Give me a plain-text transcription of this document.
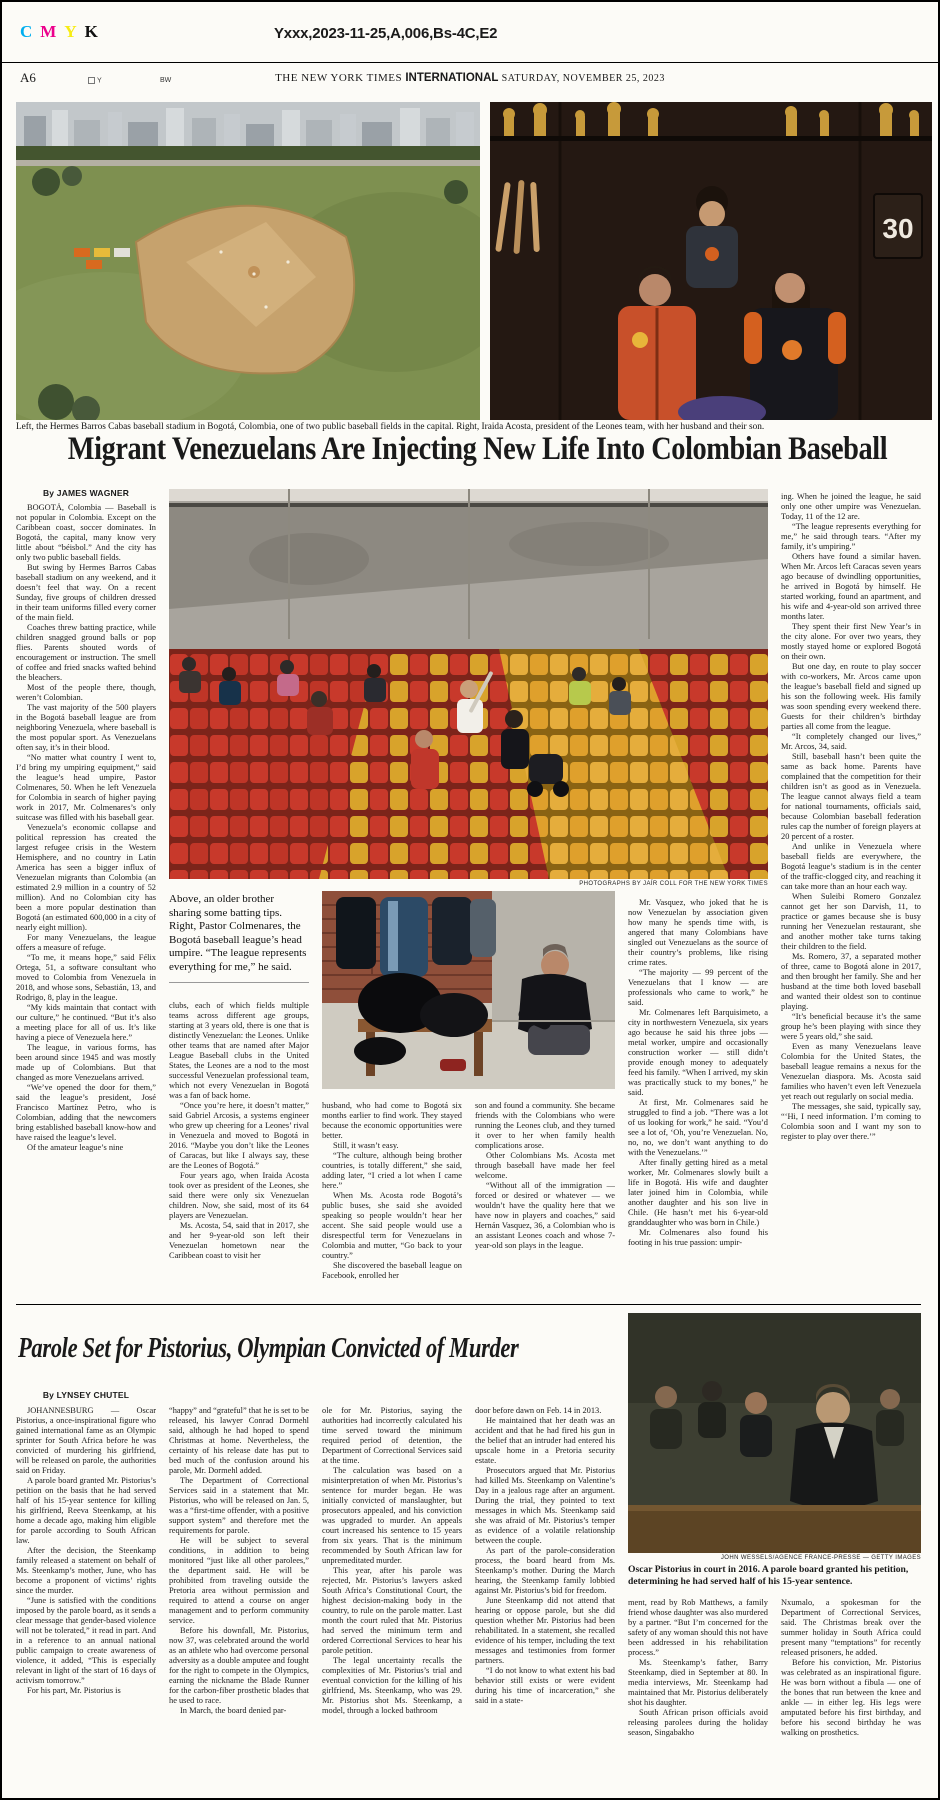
C M Y K	Yxxx,2023-11-25,A,006,Bs-4C,E2
A6	Y	BW	THE NEW YORK TIMES INTERNATIONAL SATURDAY, NOVEMBER 25, 2023
30
Left, the Hermes Barros Cabas baseball stadium in Bogotá, Colombia, one of two public baseball fields in the capital. Right, Iraida Acosta, president of the Leones team, with her husband and their son.
Migrant Venezuelans Are Injecting New Life Into Colombian Baseball
By JAMES WAGNER
PHOTOGRAPHS BY JAÍR COLL FOR THE NEW YORK TIMES

BOGOTÁ, Colombia — Baseball is not popular in Colombia. Except on the Caribbean coast, soccer dominates. In Bogotá, the capital, many know very little about “béisbol.” And the city has only two public baseball fields.

But swing by Hermes Barros Cabas baseball stadium on any weekend, and it doesn’t feel that way. On a recent Sunday, five groups of children dressed in their team uniforms filled every corner of the main field.

Coaches threw batting practice, while children snagged ground balls or pop flies. Parents shouted words of encouragement or instruction. The smell of coffee and fried snacks wafted behind the bleachers.

Most of the people there, though, weren’t Colombian.

The vast majority of the 500 players in the Bogotá baseball league are from neighboring Venezuela, where baseball is the most popular sport. As Venezuelans often say, it’s in their blood.

“No matter what country I went to, I’d bring my umpiring equipment,” said the league’s head umpire, Pastor Colmenares, 50. When he left Venezuela for Colombia in search of higher paying work in 2017, Mr. Colmenares’s only suitcase was filled with his baseball gear.

Venezuela’s economic collapse and political repression has created the largest refugee crisis in the Western Hemisphere, and no country in Latin America has seen a bigger influx of Venezuelan migrants than Colombia (an estimated 2.9 million in a country of 52 million). And no Colombian city has been a more popular destination than Bogotá (an estimated 600,000 in a city of nearly eight million).

For many Venezuelans, the league offers a measure of refuge.

“To me, it means hope,” said Félix Ortega, 51, a software consultant who moved to Colombia from Venezuela in 2018, and whose sons, Sebastián, 13, and Rodrigo, 8, play in the league.

“My kids maintain that contact with our culture,” he continued. “But it’s also a meeting place for all of us. It’s like having a piece of Venezuela here.”

The league, in various forms, has been around since 1945 and was mostly made up of Colombians. But that changed as more Venezuelans arrived.

“We’ve opened the door for them,” said the league’s president, José Francisco Martínez Petro, who is Colombian, adding that the newcomers bring established baseball know-how and have raised the league’s level.

Of the amateur league’s nine

ing. When he joined the league, he said only one other umpire was Venezuelan. Today, 11 of the 12 are.

“The league represents everything for me,” he said through tears. “After my family, it’s umpiring.”

Others have found a similar haven. When Mr. Arcos left Caracas seven years ago because of dwindling opportunities, he arrived in Bogotá by himself. He started working, found an apartment, and his wife and 4-year-old son arrived three months later.

They spent their first New Year’s in the city alone. For over two years, they mostly stayed home or explored Bogotá on their own.

But one day, en route to play soccer with co-workers, Mr. Arcos came upon the league’s baseball field and signed up his son the following week. His family was soon spending every weekend there. Guests for their children’s birthday parties all come from the league.

“It completely changed our lives,” Mr. Arcos, 34, said.

Still, baseball hasn’t been quite the same as back home. Parents have complained that the competition for their children isn’t as good as in Venezuela. The league cannot always field a team for national tournaments, officials said, because Colombian baseball federation rules cap the number of foreign players at 20 percent of a roster.

And unlike in Venezuela where baseball fields are everywhere, the Bogotá league’s stadium is in the center of the traffic-clogged city, and reaching it can take more than an hour each way.

When Suleibi Romero Gonzalez cannot get her son Darvish, 11, to practice or games because she is busy running her Venezuelan restaurant, she and another mother take turns taking their children to the field.

Ms. Romero, 37, a separated mother of three, came to Bogotá alone in 2017, and then brought her family. She and her husband at the time both loved baseball and wanted their oldest son to continue playing.

“It’s beneficial because it’s the same group he’s been playing with since they were 5 years old,” she said.

Even as many Venezuelans leave Colombia for the United States, the baseball league remains a nexus for the Venezuelan diaspora. Ms. Acosta said families who haven’t even left Venezuela yet reach out regularly on social media.

The messages, she said, typically say, “‘Hi, I need information. I’m coming to Colombia soon and I want my son to register to play over there.’”

Above, an older brother sharing some batting tips. Right, Pastor Colmenares, the Bogotá baseball league’s head umpire. “The league represents everything for me,” he said.

clubs, each of which fields multiple teams across different age groups, starting at 3 years old, there is one that is distinctly Venezuelan: the Leones. Unlike other teams that are named after Major League Baseball clubs in the United States, the Leones are a nod to the most successful Venezuelan professional team, which not every Venezuelan in Bogotá was a fan of back home.

“Once you’re here, it doesn’t matter,” said Gabriel Arcosis, a systems engineer who grew up cheering for a Leones’ rival in Venezuela and moved to Bogotá in 2016. “Maybe you don’t like the Leones of Caracas, but like I always say, these are the Leones of Bogotá.”

Four years ago, when Iraida Acosta took over as president of the Leones, she said there were only six Venezuelan children. Now, she said, most of its 64 players are Venezuelan.

Ms. Acosta, 54, said that in 2017, she and her 9-year-old son left their Venezuelan hometown near the Caribbean coast to visit her

husband, who had come to Bogotá six months earlier to find work. They stayed because the economic opportunities were better.

Still, it wasn’t easy.

“The culture, although being brother countries, is totally different,” she said, adding later, “I cried a lot when I came here.”

When Ms. Acosta rode Bogotá’s public buses, she said she avoided speaking so people wouldn’t hear her accent. She said people would use a disrespectful term for Venezuelans in Colombia and mutter, “Go back to your country.”

She discovered the baseball league on Facebook, enrolled her

son and found a community. She became friends with the Colombians who were running the Leones club, and they turned it over to her when family health complications arose.

Other Colombians Ms. Acosta met through baseball have made her feel welcome.

“Without all of the immigration — forced or desired or whatever — we wouldn’t have the quality here that we have now in players and coaches,” said Hernán Vasquez, 36, a Colombian who is an assistant Leones coach and whose 7-year-old son plays in the league.

Mr. Vasquez, who joked that he is now Venezuelan by association given how many he spends time with, is angered that many Colombians have singled out Venezuelans as the source of their country’s problems, like rising crime rates.

“The majority — 99 percent of the Venezuelans that I know — are professionals who came to work,” he said.

Mr. Colmenares left Barquisimeto, a city in northwestern Venezuela, six years ago because he said his three jobs — metal worker, umpire and occasionally construction worker — still didn’t provide enough money to adequately feed his family. “When I arrived, my skin was practically stuck to my bones,” he said.

At first, Mr. Colmenares said he struggled to find a job. “There was a lot of us looking for work,” he said. “You’d see a lot of, ‘Oh, you’re Venezuelan. No, no, no, we don’t want anything to do with the Venezuelans.’”

After finally getting hired as a metal worker, Mr. Colmenares slowly built a life in Bogotá. His wife and daughter later joined him in Colombia, while another daughter and his son live in Chile. (He hasn’t met his 6-year-old granddaughter who was born in Chile.)

Mr. Colmenares also found his footing in his true passion: umpir-

Parole Set for Pistorius, Olympian Convicted of Murder
By LYNSEY CHUTEL
JOHN WESSELS/AGENCE FRANCE-PRESSE — GETTY IMAGES
Oscar Pistorius in court in 2016. A parole board granted his petition, determining he had served half of his 15-year sentence.

JOHANNESBURG — Oscar Pistorius, a once-inspirational figure who gained international fame as an Olympic sprinter for South Africa before he was convicted of murdering his girlfriend, will be released on parole, the authorities said on Friday.

A parole board granted Mr. Pistorius’s petition on the basis that he had served half of his 15-year sentence for killing his girlfriend, Reeva Steenkamp, at his home a decade ago, making him eligible for parole according to South African law.

After the decision, the Steenkamp family released a statement on behalf of Ms. Steenkamp’s mother, June, who has become a proponent of victims’ rights since the murder.

“June is satisfied with the conditions imposed by the parole board, as it sends a clear message that gender-based violence will not be tolerated,” it read in part. And in a reference to an annual national public campaign to create awareness of violence, it added, “This is especially relevant in light of the start of 16 days of activism tomorrow.”

For his part, Mr. Pistorius is

“happy” and “grateful” that he is set to be released, his lawyer Conrad Dormehl said, although he had hoped to spend Christmas at home. Nevertheless, the certainty of his release date has put to bed much of the confusion around his parole, Mr. Dormehl added.

The Department of Correctional Services said in a statement that Mr. Pistorius, who will be released on Jan. 5, was a “first-time offender, with a positive support system” and therefore met the requirements for parole.

He will be subject to several conditions, in addition to being monitored “just like all other parolees,” the department said. He will be prohibited from traveling outside the Pretoria area without permission and required to attend a course on anger management and to perform community service.

Before his downfall, Mr. Pistorius, now 37, was celebrated around the world as an athlete who had overcome personal adversity as a double amputee and fought for the right to compete in the Olympics, earning the nickname the Blade Runner for the carbon-fiber prosthetic blades that he used to race.

In March, the board denied par-

ole for Mr. Pistorius, saying the authorities had incorrectly calculated his time served toward the minimum required period of detention, the Department of Correctional Services said at the time.

The calculation was based on a misinterpretation of when Mr. Pistorius’s sentence for murder began. He was initially convicted of manslaughter, but prosecutors appealed, and his conviction was upgraded to murder. An appeals court increased his sentence to 15 years from six years. That is the minimum recommended by South African law for unpremeditated murder.

This year, after his parole was rejected, Mr. Pistorius’s lawyers asked South Africa’s Constitutional Court, the highest decision-making body in the country, to rule on the parole matter. Last month the court ruled that Mr. Pistorius had served the minimum term and ordered Correctional Services to hear his parole petition.

The legal uncertainty recalls the complexities of Mr. Pistorius’s trial and eventual conviction for the killing of his girlfriend, Ms. Steenkamp, who was 29. Mr. Pistorius shot Ms. Steenkamp, a model, through a locked bathroom

door before dawn on Feb. 14 in 2013.

He maintained that her death was an accident and that he had fired his gun in the belief that an intruder had entered his upscale home in a Pretoria security estate.

Prosecutors argued that Mr. Pistorius had killed Ms. Steenkamp on Valentine’s Day in a jealous rage after an argument. During the trial, they pointed to text messages in which Ms. Steenkamp said she was afraid of Mr. Pistorius’s temper as evidence of a volatile relationship between the couple.

As part of the parole-consideration process, the board heard from Ms. Steenkamp’s mother. During the March hearing, the Steenkamp family lobbied against Mr. Pistorius’s bid for freedom.

June Steenkamp did not attend that hearing or oppose parole, but she did question whether Mr. Pistorius had been rehabilitated. In a statement, she recalled evidence of his temper, including the text messages and testimonies from former partners.

“I do not know to what extent his bad behavior still exists or were evident during his time of incarceration,” she said in a state-

ment, read by Rob Matthews, a family friend whose daughter was also murdered by a partner. “But I’m concerned for the safety of any woman should this not have been addressed in his rehabilitation process.”

Ms. Steenkamp’s father, Barry Steenkamp, died in September at 80. In media interviews, Mr. Steenkamp had maintained that Mr. Pistorius deliberately shot his daughter.

South African prison officials avoid releasing parolees during the holiday season, Singabakho

Nxumalo, a spokesman for the Department of Correctional Services, said. The Christmas break over the summer holiday in South Africa could present many “temptations” for recently released prisoners, he added.

Before his conviction, Mr. Pistorius was celebrated as an inspirational figure. He was born without a fibula — one of the bones that run between the knee and ankle — in either leg. His legs were amputated before his first birthday, and before his second birthday he was walking on prosthetics.
